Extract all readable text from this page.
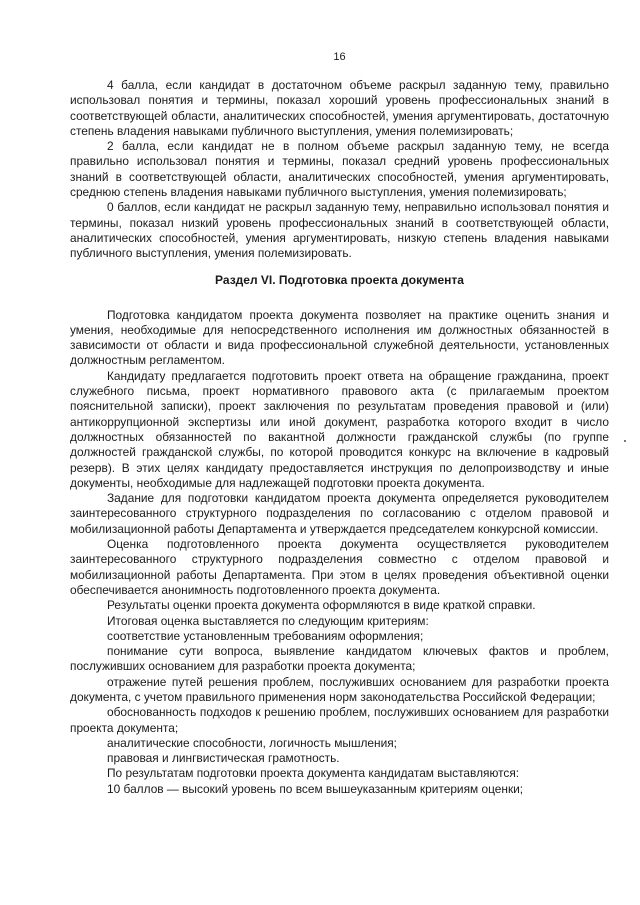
16

4 балла, если кандидат в достаточном объеме раскрыл заданную тему, правильно использовал понятия и термины, показал хороший уровень профессиональных знаний в соответствующей области, аналитических способностей, умения аргументировать, достаточную степень владения навыками публичного выступления, умения полемизировать;

2 балла, если кандидат не в полном объеме раскрыл заданную тему, не всегда правильно использовал понятия и термины, показал средний уровень профессиональных знаний в соответствующей области, аналитических способностей, умения аргументировать, среднюю степень владения навыками публичного выступления, умения полемизировать;

0 баллов, если кандидат не раскрыл заданную тему, неправильно использовал понятия и термины, показал низкий уровень профессиональных знаний в соответствующей области, аналитических способностей, умения аргументировать, низкую степень владения навыками публичного выступления, умения полемизировать.

Раздел VI. Подготовка проекта документа

Подготовка кандидатом проекта документа позволяет на практике оценить знания и умения, необходимые для непосредственного исполнения им должностных обязанностей в зависимости от области и вида профессиональной служебной деятельности, установленных должностным регламентом.

Кандидату предлагается подготовить проект ответа на обращение гражданина, проект служебного письма, проект нормативного правового акта (с прилагаемым проектом пояснительной записки), проект заключения по результатам проведения правовой и (или) антикоррупционной экспертизы или иной документ, разработка которого входит в число должностных обязанностей по вакантной должности гражданской службы (по группе должностей гражданской службы, по которой проводится конкурс на включение в кадровый резерв). В этих целях кандидату предоставляется инструкция по делопроизводству и иные документы, необходимые для надлежащей подготовки проекта документа.

Задание для подготовки кандидатом проекта документа определяется руководителем заинтересованного структурного подразделения по согласованию с отделом правовой и мобилизационной работы Департамента и утверждается председателем конкурсной комиссии.

Оценка подготовленного проекта документа осуществляется руководителем заинтересованного структурного подразделения совместно с отделом правовой и мобилизационной работы Департамента. При этом в целях проведения объективной оценки обеспечивается анонимность подготовленного проекта документа.

Результаты оценки проекта документа оформляются в виде краткой справки.

Итоговая оценка выставляется по следующим критериям:

соответствие установленным требованиям оформления;

понимание сути вопроса, выявление кандидатом ключевых фактов и проблем, послуживших основанием для разработки проекта документа;

отражение путей решения проблем, послуживших основанием для разработки проекта документа, с учетом правильного применения норм законодательства Российской Федерации;

обоснованность подходов к решению проблем, послуживших основанием для разработки проекта документа;

аналитические способности, логичность мышления;

правовая и лингвистическая грамотность.

По результатам подготовки проекта документа кандидатам выставляются:

10 баллов — высокий уровень по всем вышеуказанным критериям оценки;
